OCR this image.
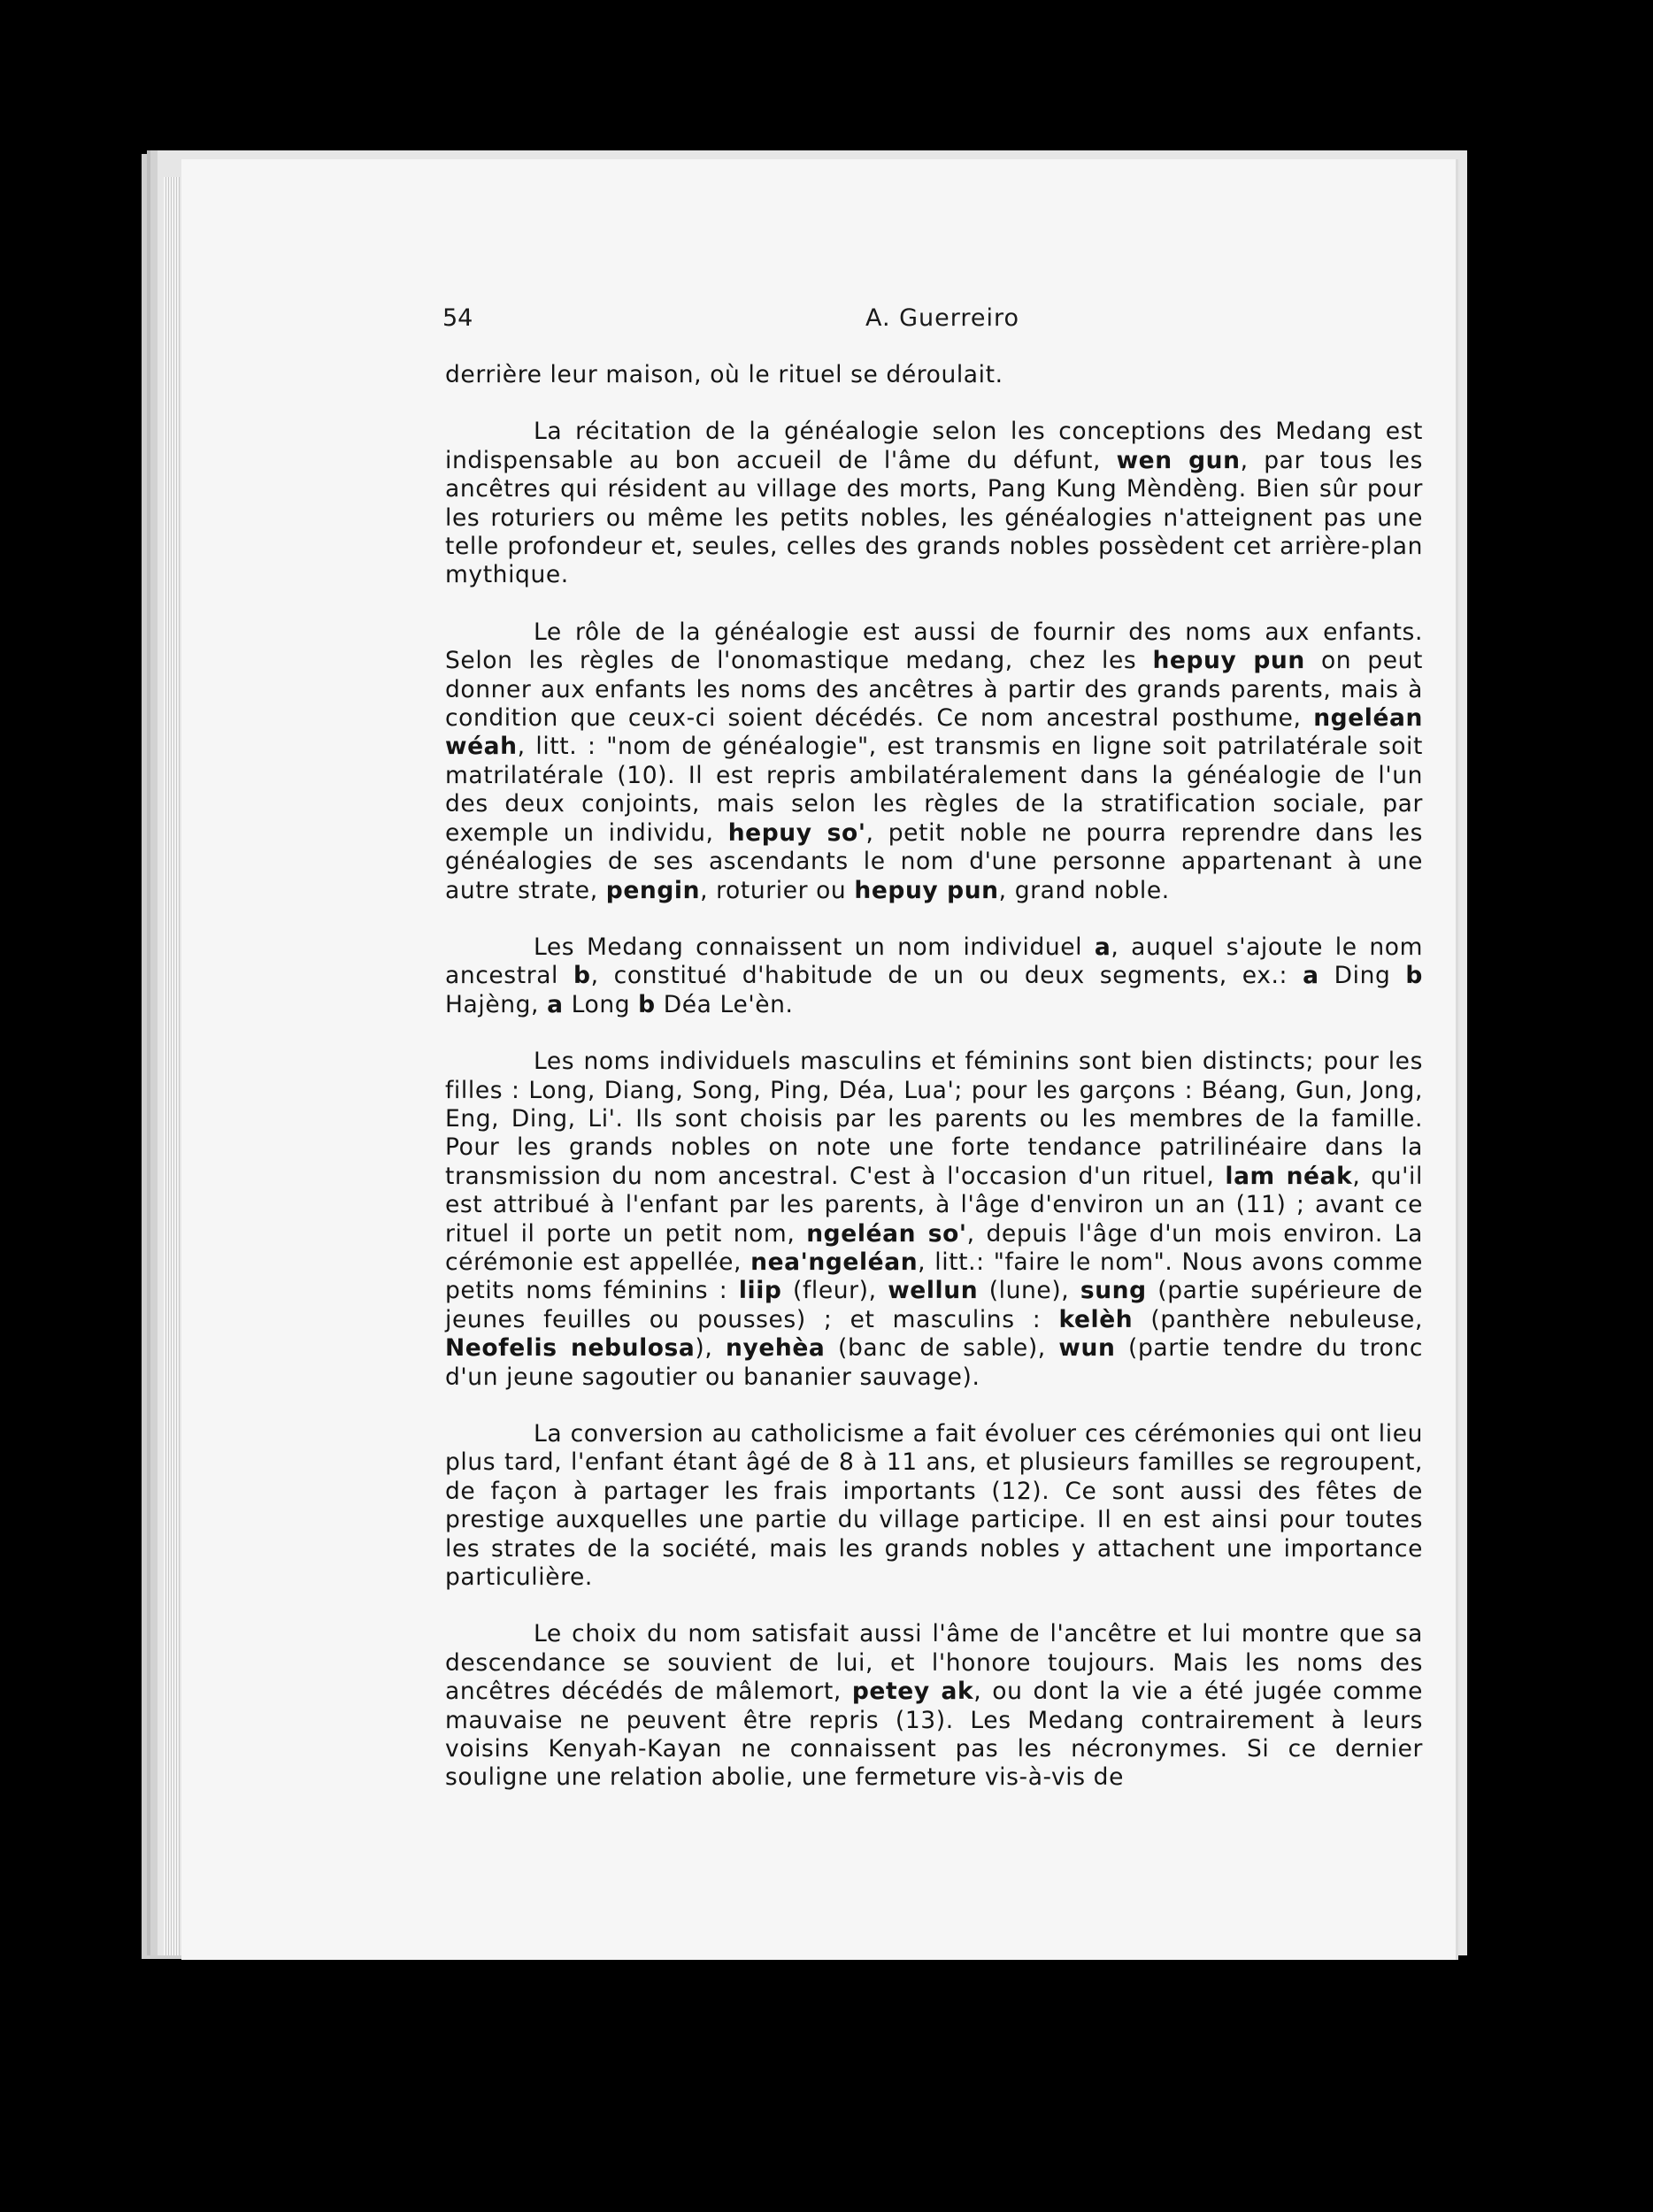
54	A. Guerreiro

derrière leur maison, où le rituel se déroulait.

La récitation de la généalogie selon les conceptions des Medang est indispensable au bon accueil de l'âme du défunt, wen gun, par tous les ancêtres qui résident au village des morts, Pang Kung Mèndèng. Bien sûr pour les roturiers ou même les petits nobles, les généalogies n'atteignent pas une telle profondeur et, seules, celles des grands nobles possèdent cet arrière-plan mythique.

Le rôle de la généalogie est aussi de fournir des noms aux enfants. Selon les règles de l'onomastique medang, chez les hepuy pun on peut donner aux enfants les noms des ancêtres à partir des grands parents, mais à condition que ceux-ci soient décédés. Ce nom ancestral posthume, ngeléan wéah, litt. : "nom de généalogie", est transmis en ligne soit patrilatérale soit matrilatérale (10). Il est repris ambilatéralement dans la généalogie de l'un des deux conjoints, mais selon les règles de la stratification sociale, par exemple un individu, hepuy so', petit noble ne pourra reprendre dans les généalogies de ses ascendants le nom d'une personne appartenant à une autre strate, pengin, roturier ou hepuy pun, grand noble.

Les Medang connaissent un nom individuel a, auquel s'ajoute le nom ancestral b, constitué d'habitude de un ou deux segments, ex.: a Ding b Hajèng, a Long b Déa Le'èn.

Les noms individuels masculins et féminins sont bien distincts; pour les filles : Long, Diang, Song, Ping, Déa, Lua'; pour les garçons : Béang, Gun, Jong, Eng, Ding, Li'. Ils sont choisis par les parents ou les membres de la famille. Pour les grands nobles on note une forte tendance patrilinéaire dans la transmission du nom ancestral. C'est à l'occasion d'un rituel, lam néak, qu'il est attribué à l'enfant par les parents, à l'âge d'environ un an (11) ; avant ce rituel il porte un petit nom, ngeléan so', depuis l'âge d'un mois environ. La cérémonie est appellée, nea'ngeléan, litt.: "faire le nom". Nous avons comme petits noms féminins : liip (fleur), wellun (lune), sung (partie supérieure de jeunes feuilles ou pousses) ; et masculins : kelèh (panthère nebuleuse, Neofelis nebulosa), nyehèa (banc de sable), wun (partie tendre du tronc d'un jeune sagoutier ou bananier sauvage).

La conversion au catholicisme a fait évoluer ces cérémonies qui ont lieu plus tard, l'enfant étant âgé de 8 à 11 ans, et plusieurs familles se regroupent, de façon à partager les frais importants (12). Ce sont aussi des fêtes de prestige auxquelles une partie du village participe. Il en est ainsi pour toutes les strates de la société, mais les grands nobles y attachent une importance particulière.

Le choix du nom satisfait aussi l'âme de l'ancêtre et lui montre que sa descendance se souvient de lui, et l'honore toujours. Mais les noms des ancêtres décédés de mâlemort, petey ak, ou dont la vie a été jugée comme mauvaise ne peuvent être repris (13). Les Medang contrairement à leurs voisins Kenyah-Kayan ne connaissent pas les nécronymes. Si ce dernier souligne une relation abolie, une fermeture vis-à-vis de
